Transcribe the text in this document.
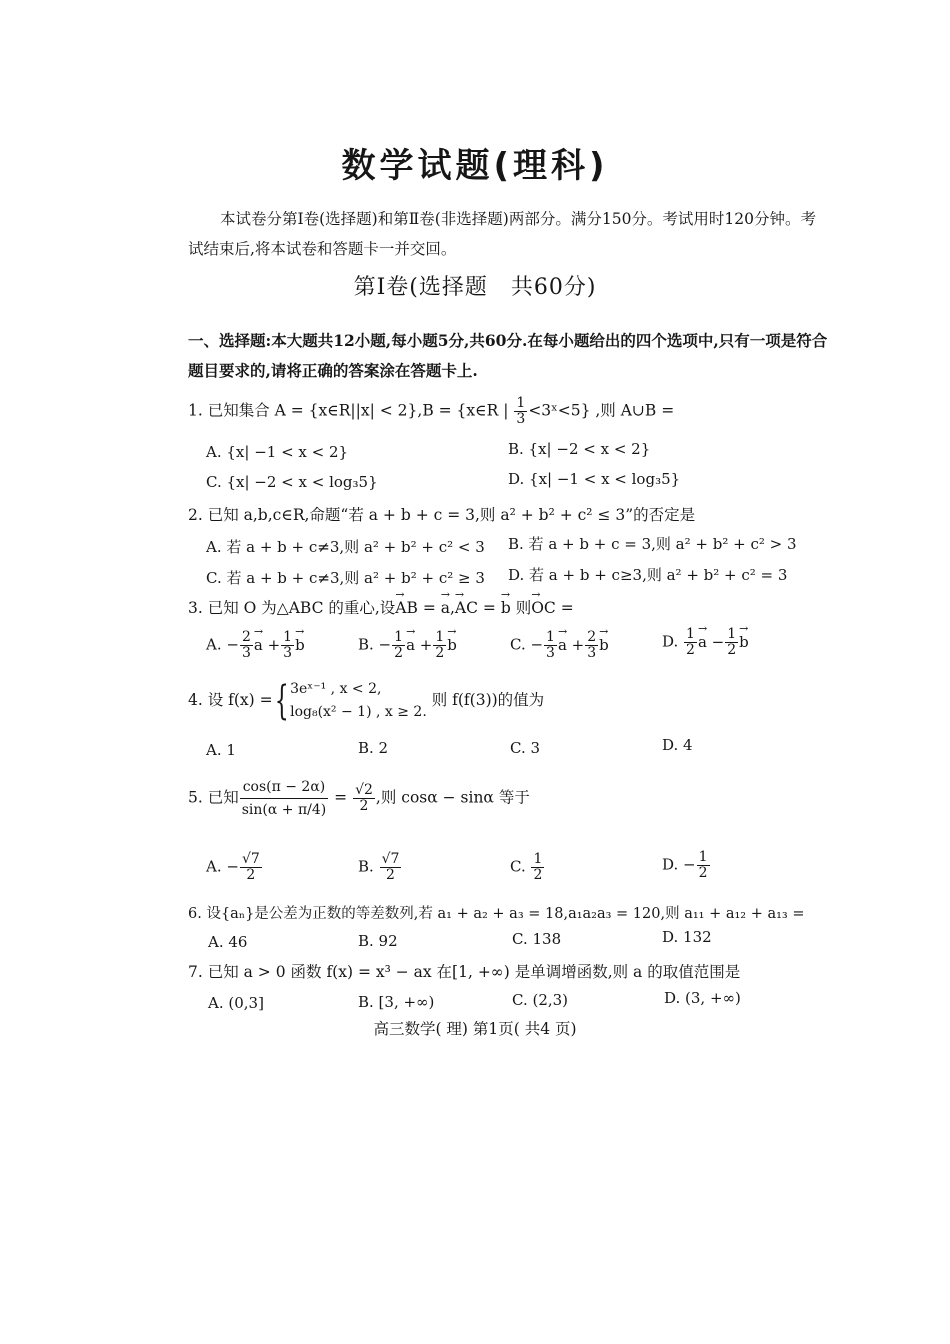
数学试题(理科)
本试卷分第Ⅰ卷(选择题)和第Ⅱ卷(非选择题)两部分。满分150分。考试用时120分钟。考试结束后,将本试卷和答题卡一并交回。
第Ⅰ卷(选择题　共60分)
一、选择题:本大题共12小题,每小题5分,共60分.在每小题给出的四个选项中,只有一项是符合题目要求的,请将正确的答案涂在答题卡上.
1. 已知集合 A = {x∈R||x| < 2},B = {x∈R | $\frac{1}{3}$ <3ˣ<5} ,则 A∪B =
A. {x| −1 < x < 2}	B. {x| −2 < x < 2}
C. {x| −2 < x < log₃5}	D. {x| −1 < x < log₃5}
2. 已知 a,b,c∈R,命题“若 a + b + c = 3,则 a² + b² + c² ≤ 3”的否定是
A. 若 a + b + c≠3,则 a² + b² + c² < 3 B. 若 a + b + c = 3,则 a² + b² + c² > 3
C. 若 a + b + c≠3,则 a² + b² + c² ≥ 3 D. 若 a + b + c≥3,则 a² + b² + c² = 3
3. 已知 O 为△ABC 的重心,设→ AB = → a,→ AC = → b 则→ OC =
A. − $\frac{2}{3}$
→ $a + \frac{1}{3}$
→ b	B. − $\frac{1}{2}$
→ $a + \frac{1}{2}$
→ b	C. − $\frac{1}{3}$
→ $a + \frac{2}{3}$
→ b	D. $\frac{1}{2}$
→ $a - \frac{1}{2}$
→ b
4. 设 f(x) ={ 3eˣ⁻¹ , x < 2,
log₈(x² − 1) , x ≥ 2.
则 f(f(3))的值为
A. 1	B. 2	C. 3	D. 4
5. 已知 $\frac{\cos(\pi - 2\alpha)}{\sin(\alpha + \pi/4)} = \frac{√2}{2}$ ,则 cosα − sinα 等于
A. − $\frac{√7}{2}$	B. $\frac{√7}{2}$	C. $\frac{1}{2}$	D. − $\frac{1}{2}$
6. 设{aₙ}是公差为正数的等差数列,若 a₁ + a₂ + a₃ = 18,a₁a₂a₃ = 120,则 a₁₁ + a₁₂ + a₁₃ =
A. 46	B. 92	C. 138	D. 132
7. 已知 a > 0 函数 f(x) = x³ − ax 在[1, +∞) 是单调增函数,则 a 的取值范围是
A. (0,3]	B. [3, +∞)	C. (2,3)	D. (3, +∞)
高三数学( 理) 第1页( 共4 页)
